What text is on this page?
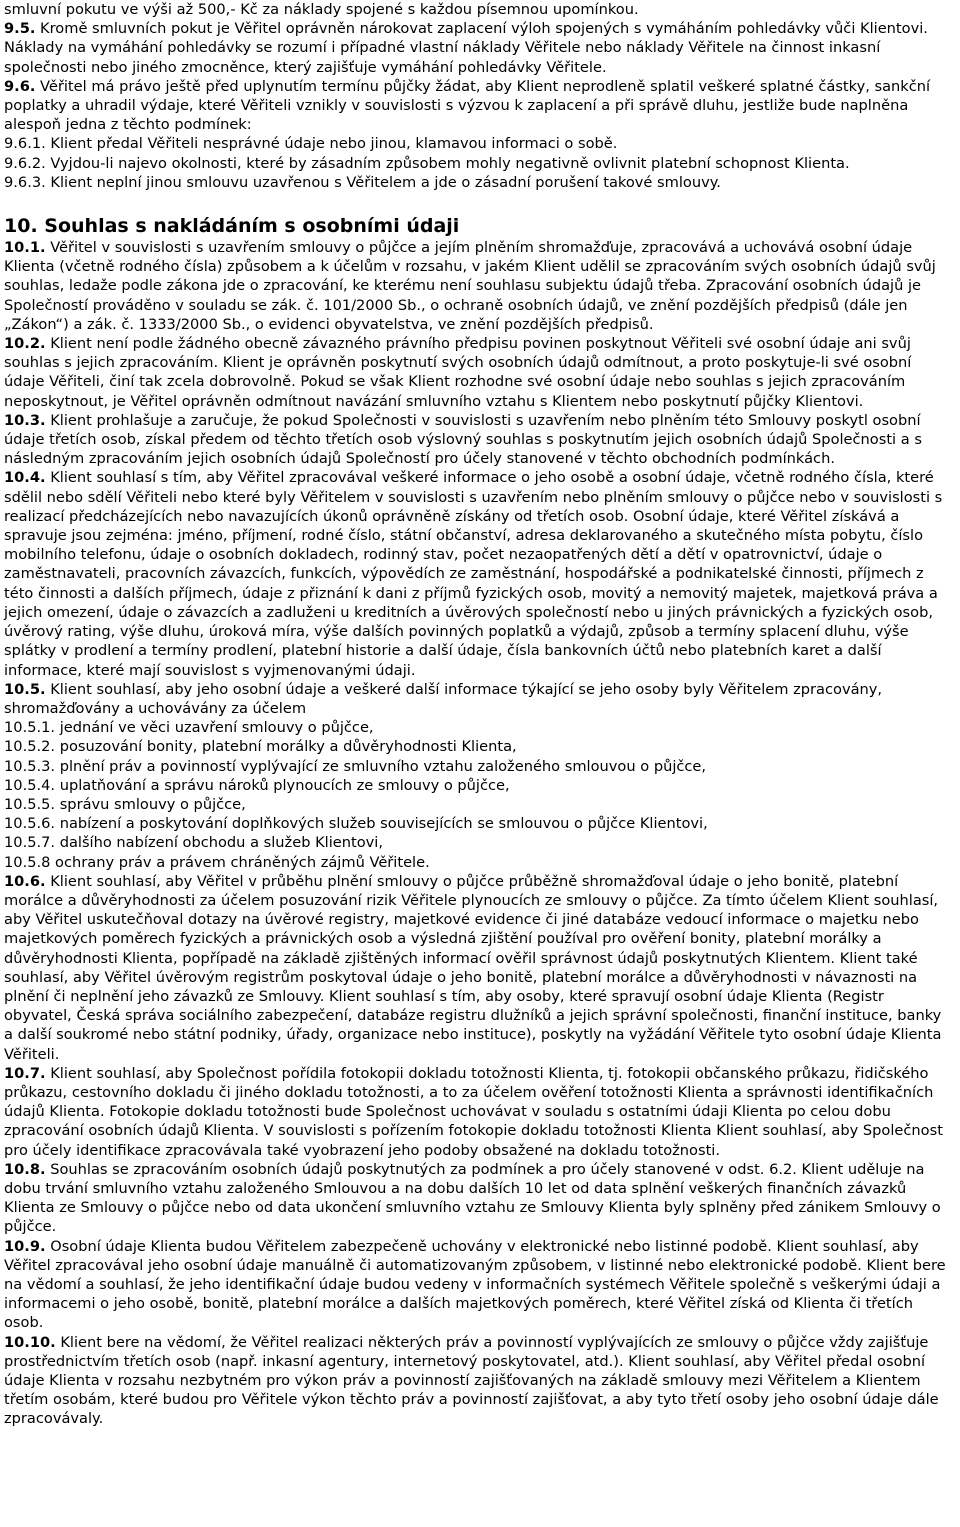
smluvní pokutu ve výši až 500,- Kč za náklady spojené s každou písemnou upomínkou.

9.5. Kromě smluvních pokut je Věřitel oprávněn nárokovat zaplacení výloh spojených s vymáháním pohledávky vůči Klientovi. Náklady na vymáhání pohledávky se rozumí i případné vlastní náklady Věřitele nebo náklady Věřitele na činnost inkasní společnosti nebo jiného zmocněnce, který zajišťuje vymáhání pohledávky Věřitele.

9.6. Věřitel má právo ještě před uplynutím termínu půjčky žádat, aby Klient neprodleně splatil veškeré splatné částky, sankční poplatky a uhradil výdaje, které Věřiteli vznikly v souvislosti s výzvou k zaplacení a při správě dluhu, jestliže bude naplněna alespoň jedna z těchto podmínek:

9.6.1. Klient předal Věřiteli nesprávné údaje nebo jinou, klamavou informaci o sobě.

9.6.2. Vyjdou-li najevo okolnosti, které by zásadním způsobem mohly negativně ovlivnit platební schopnost Klienta.

9.6.3. Klient neplní jinou smlouvu uzavřenou s Věřitelem a jde o zásadní porušení takové smlouvy.

10. Souhlas s nakládáním s osobními údaji

10.1. Věřitel v souvislosti s uzavřením smlouvy o půjčce a jejím plněním shromažďuje, zpracovává a uchovává osobní údaje Klienta (včetně rodného čísla) způsobem a k účelům v rozsahu, v jakém Klient udělil se zpracováním svých osobních údajů svůj souhlas, ledaže podle zákona jde o zpracování, ke kterému není souhlasu subjektu údajů třeba. Zpracování osobních údajů je Společností prováděno v souladu se zák. č. 101/2000 Sb., o ochraně osobních údajů, ve znění pozdějších předpisů (dále jen „Zákon“) a zák. č. 1333/2000 Sb., o evidenci obyvatelstva, ve znění pozdějších předpisů.

10.2. Klient není podle žádného obecně závazného právního předpisu povinen poskytnout Věřiteli své osobní údaje ani svůj souhlas s jejich zpracováním. Klient je oprávněn poskytnutí svých osobních údajů odmítnout, a proto poskytuje-li své osobní údaje Věřiteli, činí tak zcela dobrovolně. Pokud se však Klient rozhodne své osobní údaje nebo souhlas s jejich zpracováním neposkytnout, je Věřitel oprávněn odmítnout navázání smluvního vztahu s Klientem nebo poskytnutí půjčky Klientovi.

10.3. Klient prohlašuje a zaručuje, že pokud Společnosti v souvislosti s uzavřením nebo plněním této Smlouvy poskytl osobní údaje třetích osob, získal předem od těchto třetích osob výslovný souhlas s poskytnutím jejich osobních údajů Společnosti a s následným zpracováním jejich osobních údajů Společností pro účely stanovené v těchto obchodních podmínkách.

10.4. Klient souhlasí s tím, aby Věřitel zpracovával veškeré informace o jeho osobě a osobní údaje, včetně rodného čísla, které sdělil nebo sdělí Věřiteli nebo které byly Věřitelem v souvislosti s uzavřením nebo plněním smlouvy o půjčce nebo v souvislosti s realizací předcházejících nebo navazujících úkonů oprávněně získány od třetích osob. Osobní údaje, které Věřitel získává a spravuje jsou zejména: jméno, příjmení, rodné číslo, státní občanství, adresa deklarovaného a skutečného místa pobytu, číslo mobilního telefonu, údaje o osobních dokladech, rodinný stav, počet nezaopatřených dětí a dětí v opatrovnictví, údaje o zaměstnavateli, pracovních závazcích, funkcích, výpovědích ze zaměstnání, hospodářské a podnikatelské činnosti, příjmech z této činnosti a dalších příjmech, údaje z přiznání k dani z příjmů fyzických osob, movitý a nemovitý majetek, majetková práva a jejich omezení, údaje o závazcích a zadluženi u kreditních a úvěrových společností nebo u jiných právnických a fyzických osob, úvěrový rating, výše dluhu, úroková míra, výše dalších povinných poplatků a výdajů, způsob a termíny splacení dluhu, výše splátky v prodlení a termíny prodlení, platební historie a další údaje, čísla bankovních účtů nebo platebních karet a další informace, které mají souvislost s vyjmenovanými údaji.

10.5. Klient souhlasí, aby jeho osobní údaje a veškeré další informace týkající se jeho osoby byly Věřitelem zpracovány, shromažďovány a uchovávány za účelem

10.5.1. jednání ve věci uzavření smlouvy o půjčce,

10.5.2. posuzování bonity, platební morálky a důvěryhodnosti Klienta,

10.5.3. plnění práv a povinností vyplývající ze smluvního vztahu založeného smlouvou o půjčce,

10.5.4. uplatňování a správu nároků plynoucích ze smlouvy o půjčce,

10.5.5. správu smlouvy o půjčce,

10.5.6. nabízení a poskytování doplňkových služeb souvisejících se smlouvou o půjčce Klientovi,

10.5.7. dalšího nabízení obchodu a služeb Klientovi,

10.5.8 ochrany práv a právem chráněných zájmů Věřitele.

10.6. Klient souhlasí, aby Věřitel v průběhu plnění smlouvy o půjčce průběžně shromažďoval údaje o jeho bonitě, platební morálce a důvěryhodnosti za účelem posuzování rizik Věřitele plynoucích ze smlouvy o půjčce. Za tímto účelem Klient souhlasí, aby Věřitel uskutečňoval dotazy na úvěrové registry, majetkové evidence či jiné databáze vedoucí informace o majetku nebo majetkových poměrech fyzických a právnických osob a výsledná zjištění používal pro ověření bonity, platební morálky a důvěryhodnosti Klienta, popřípadě na základě zjištěných informací ověřil správnost údajů poskytnutých Klientem. Klient také souhlasí, aby Věřitel úvěrovým registrům poskytoval údaje o jeho bonitě, platební morálce a důvěryhodnosti v návaznosti na plnění či neplnění jeho závazků ze Smlouvy. Klient souhlasí s tím, aby osoby, které spravují osobní údaje Klienta (Registr obyvatel, Česká správa sociálního zabezpečení, databáze registru dlužníků a jejich správní společnosti, finanční instituce, banky a další soukromé nebo státní podniky, úřady, organizace nebo instituce), poskytly na vyžádání Věřitele tyto osobní údaje Klienta Věřiteli.

10.7. Klient souhlasí, aby Společnost pořídila fotokopii dokladu totožnosti Klienta, tj. fotokopii občanského průkazu, řidičského průkazu, cestovního dokladu či jiného dokladu totožnosti, a to za účelem ověření totožnosti Klienta a správnosti identifikačních údajů Klienta. Fotokopie dokladu totožnosti bude Společnost uchovávat v souladu s ostatními údaji Klienta po celou dobu zpracování osobních údajů Klienta. V souvislosti s pořízením fotokopie dokladu totožnosti Klienta Klient souhlasí, aby Společnost pro účely identifikace zpracovávala také vyobrazení jeho podoby obsažené na dokladu totožnosti.

10.8. Souhlas se zpracováním osobních údajů poskytnutých za podmínek a pro účely stanovené v odst. 6.2. Klient uděluje na dobu trvání smluvního vztahu založeného Smlouvou a na dobu dalších 10 let od data splnění veškerých finančních závazků Klienta ze Smlouvy o půjčce nebo od data ukončení smluvního vztahu ze Smlouvy Klienta byly splněny před zánikem Smlouvy o půjčce.

10.9. Osobní údaje Klienta budou Věřitelem zabezpečeně uchovány v elektronické nebo listinné podobě. Klient souhlasí, aby Věřitel zpracovával jeho osobní údaje manuálně či automatizovaným způsobem, v listinné nebo elektronické podobě. Klient bere na vědomí a souhlasí, že jeho identifikační údaje budou vedeny v informačních systémech Věřitele společně s veškerými údaji a informacemi o jeho osobě, bonitě, platební morálce a dalších majetkových poměrech, které Věřitel získá od Klienta či třetích osob.

10.10. Klient bere na vědomí, že Věřitel realizaci některých práv a povinností vyplývajících ze smlouvy o půjčce vždy zajišťuje prostřednictvím třetích osob (např. inkasní agentury, internetový poskytovatel, atd.). Klient souhlasí, aby Věřitel předal osobní údaje Klienta v rozsahu nezbytném pro výkon práv a povinností zajišťovaných na základě smlouvy mezi Věřitelem a Klientem třetím osobám, které budou pro Věřitele výkon těchto práv a povinností zajišťovat, a aby tyto třetí osoby jeho osobní údaje dále zpracovávaly.
